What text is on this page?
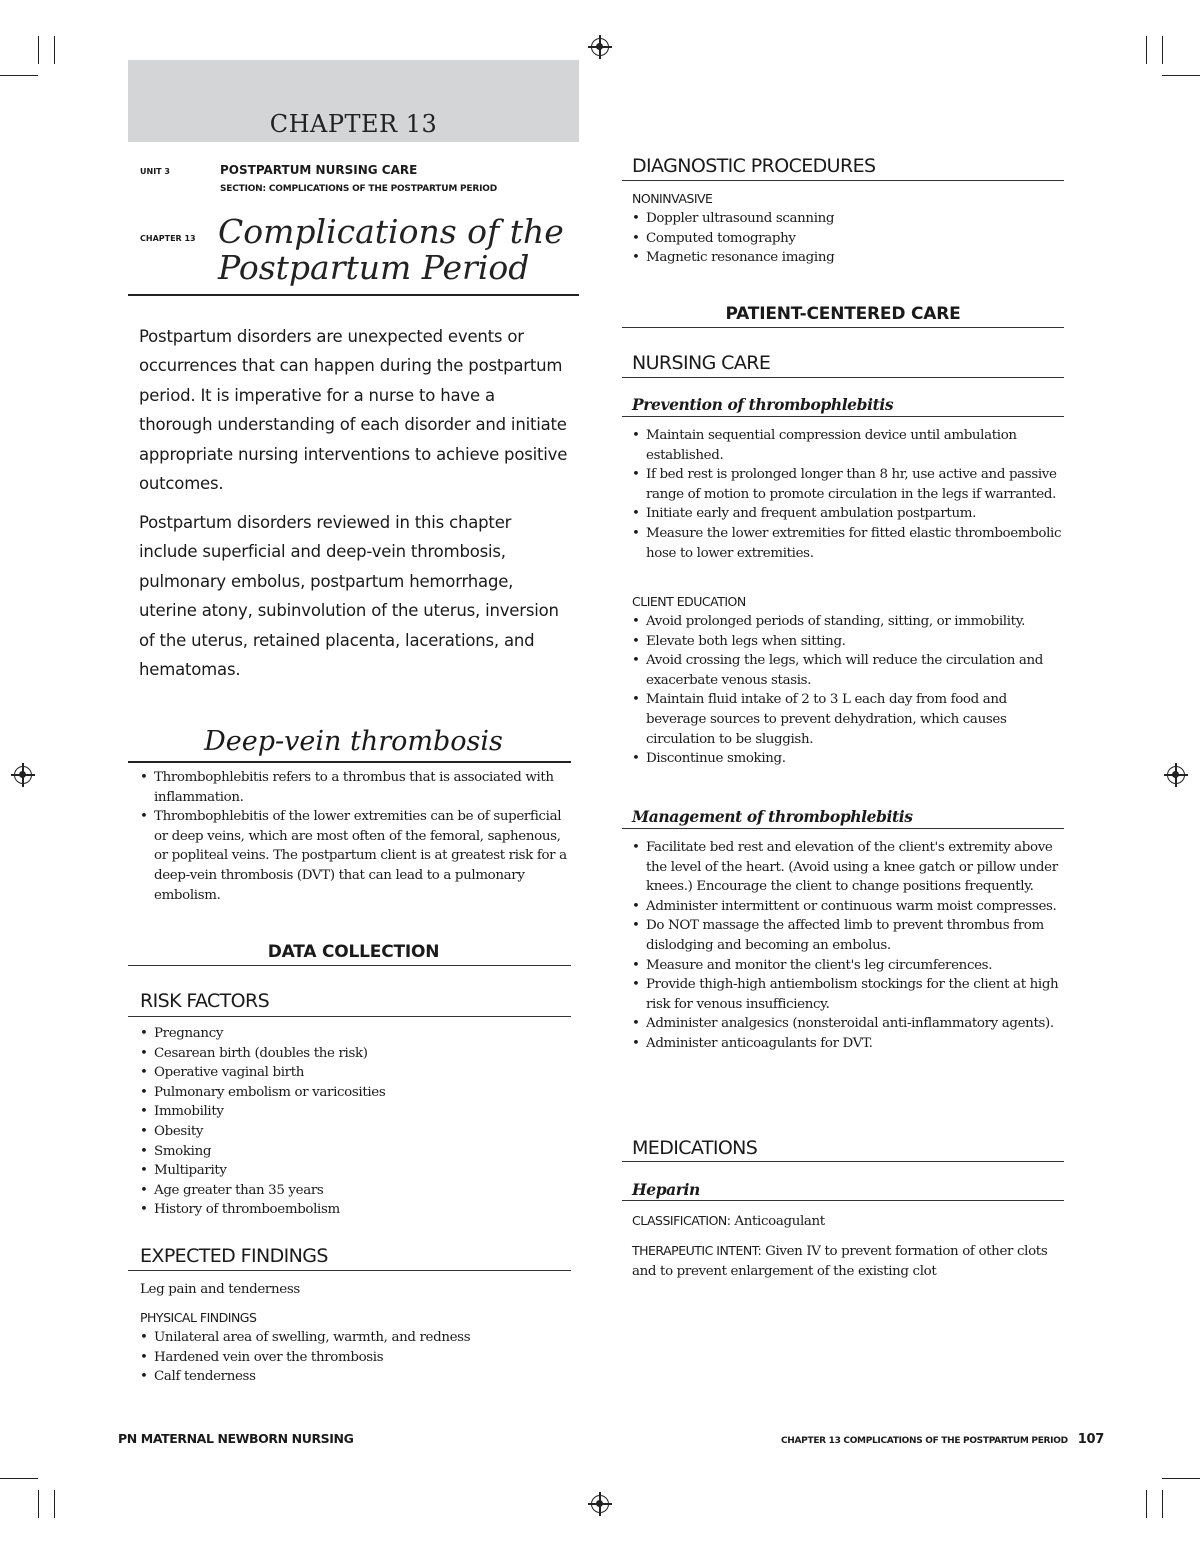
CHAPTER 13
UNIT 3	POSTPARTUM NURSING CARE
SECTION: COMPLICATIONS OF THE POSTPARTUM PERIOD
CHAPTER 13 Complications of the
Postpartum Period
Postpartum disorders are unexpected events or occurrences that can happen during the postpartum period. It is imperative for a nurse to have a thorough understanding of each disorder and initiate appropriate nursing interventions to achieve positive outcomes.
Postpartum disorders reviewed in this chapter include superficial and deep-vein thrombosis, pulmonary embolus, postpartum hemorrhage, uterine atony, subinvolution of the uterus, inversion of the uterus, retained placenta, lacerations, and hematomas.
Deep-vein thrombosis
• Thrombophlebitis refers to a thrombus that is associated with inflammation.
• Thrombophlebitis of the lower extremities can be of superficial or deep veins, which are most often of the femoral, saphenous, or popliteal veins. The postpartum client is at greatest risk for a deep-vein thrombosis (DVT) that can lead to a pulmonary embolism.
DATA COLLECTION
RISK FACTORS
• Pregnancy
• Cesarean birth (doubles the risk)
• Operative vaginal birth
• Pulmonary embolism or varicosities
• Immobility
• Obesity
• Smoking
• Multiparity
• Age greater than 35 years
• History of thromboembolism
EXPECTED FINDINGS
Leg pain and tenderness
PHYSICAL FINDINGS
• Unilateral area of swelling, warmth, and redness
• Hardened vein over the thrombosis
• Calf tenderness
DIAGNOSTIC PROCEDURES
NONINVASIVE
• Doppler ultrasound scanning
• Computed tomography
• Magnetic resonance imaging
PATIENT-CENTERED CARE
NURSING CARE
Prevention of thrombophlebitis
• Maintain sequential compression device until ambulation established.
• If bed rest is prolonged longer than 8 hr, use active and passive range of motion to promote circulation in the legs if warranted.
• Initiate early and frequent ambulation postpartum.
• Measure the lower extremities for fitted elastic thromboembolic hose to lower extremities.
CLIENT EDUCATION
• Avoid prolonged periods of standing, sitting, or immobility.
• Elevate both legs when sitting.
• Avoid crossing the legs, which will reduce the circulation and exacerbate venous stasis.
• Maintain fluid intake of 2 to 3 L each day from food and beverage sources to prevent dehydration, which causes circulation to be sluggish.
• Discontinue smoking.
Management of thrombophlebitis
• Facilitate bed rest and elevation of the client's extremity above the level of the heart. (Avoid using a knee gatch or pillow under knees.) Encourage the client to change positions frequently.
• Administer intermittent or continuous warm moist compresses.
• Do NOT massage the affected limb to prevent thrombus from dislodging and becoming an embolus.
• Measure and monitor the client's leg circumferences.
• Provide thigh-high antiembolism stockings for the client at high risk for venous insufficiency.
• Administer analgesics (nonsteroidal anti-inflammatory agents).
• Administer anticoagulants for DVT.
MEDICATIONS
Heparin
CLASSIFICATION: Anticoagulant
THERAPEUTIC INTENT: Given IV to prevent formation of other clots and to prevent enlargement of the existing clot
PN MATERNAL NEWBORN NURSING	CHAPTER 13 COMPLICATIONS OF THE POSTPARTUM PERIOD 107
